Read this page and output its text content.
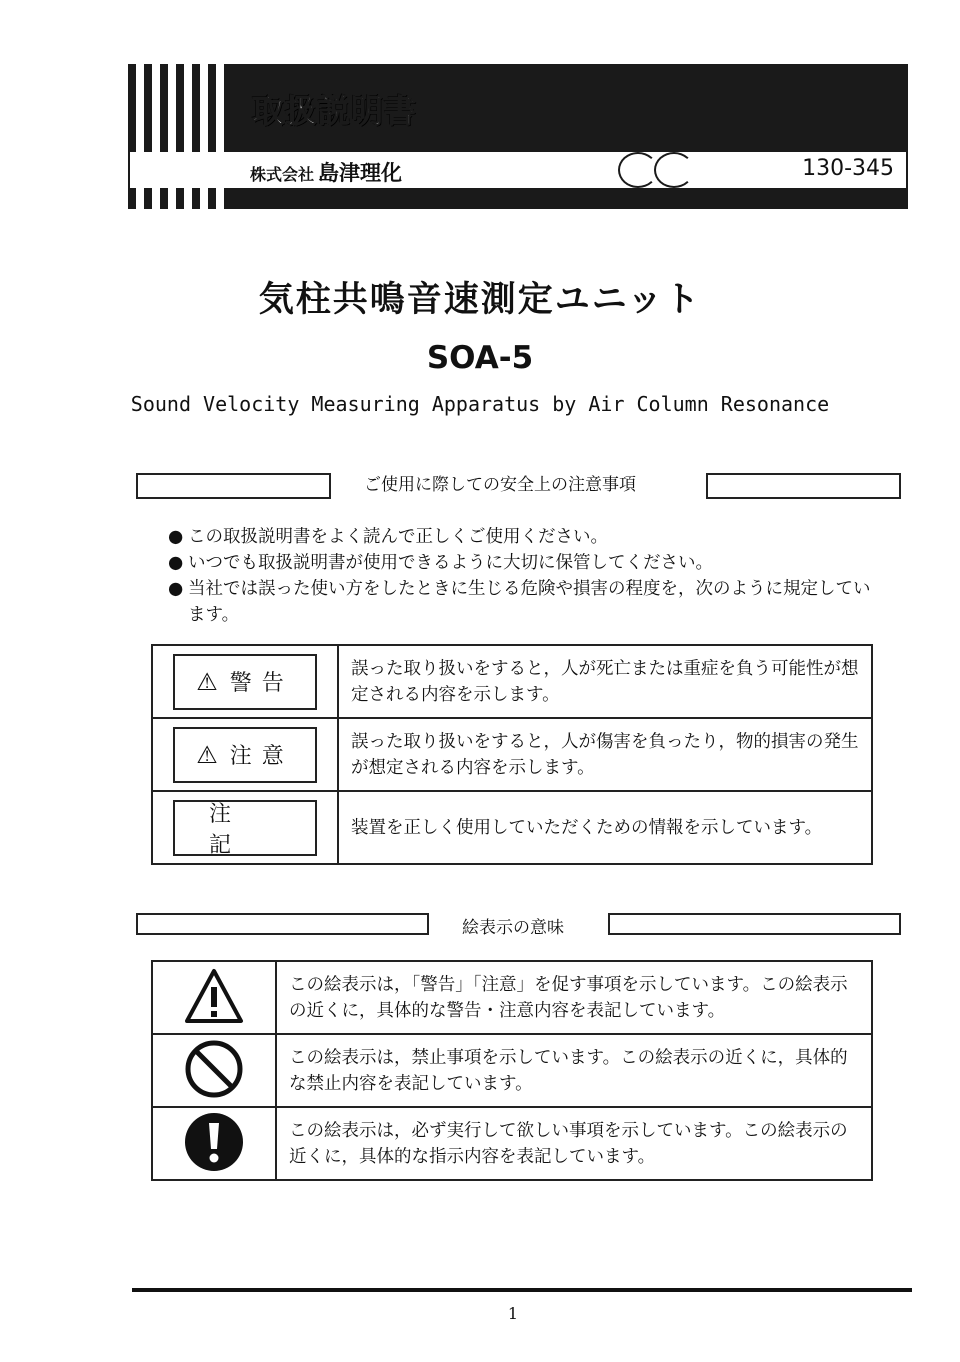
取扱説明書
株式会社 島津理化	130-345
気柱共鳴音速測定ユニット
SOA-5
Sound Velocity Measuring Apparatus by Air Column Resonance
ご使用に際しての安全上の注意事項
● この取扱説明書をよく読んで正しくご使用ください。
● いつでも取扱説明書が使用できるように大切に保管してください。
● 当社では誤った使い方をしたときに生じる危険や損害の程度を，次のように規定しています。
⚠ 警告	誤った取り扱いをすると，人が死亡または重症を負う可能性が想定される内容を示します。

⚠ 注意	誤った取り扱いをすると，人が傷害を負ったり，物的損害の発生が想定される内容を示します。

注記	装置を正しく使用していただくための情報を示しています。
絵表示の意味
	この絵表示は，「警告」「注意」を促す事項を示しています。この絵表示の近くに，具体的な警告・注意内容を表記しています。
	この絵表示は，禁止事項を示しています。この絵表示の近くに，具体的な禁止内容を表記しています。
	この絵表示は，必ず実行して欲しい事項を示しています。この絵表示の近くに，具体的な指示内容を表記しています。
1
